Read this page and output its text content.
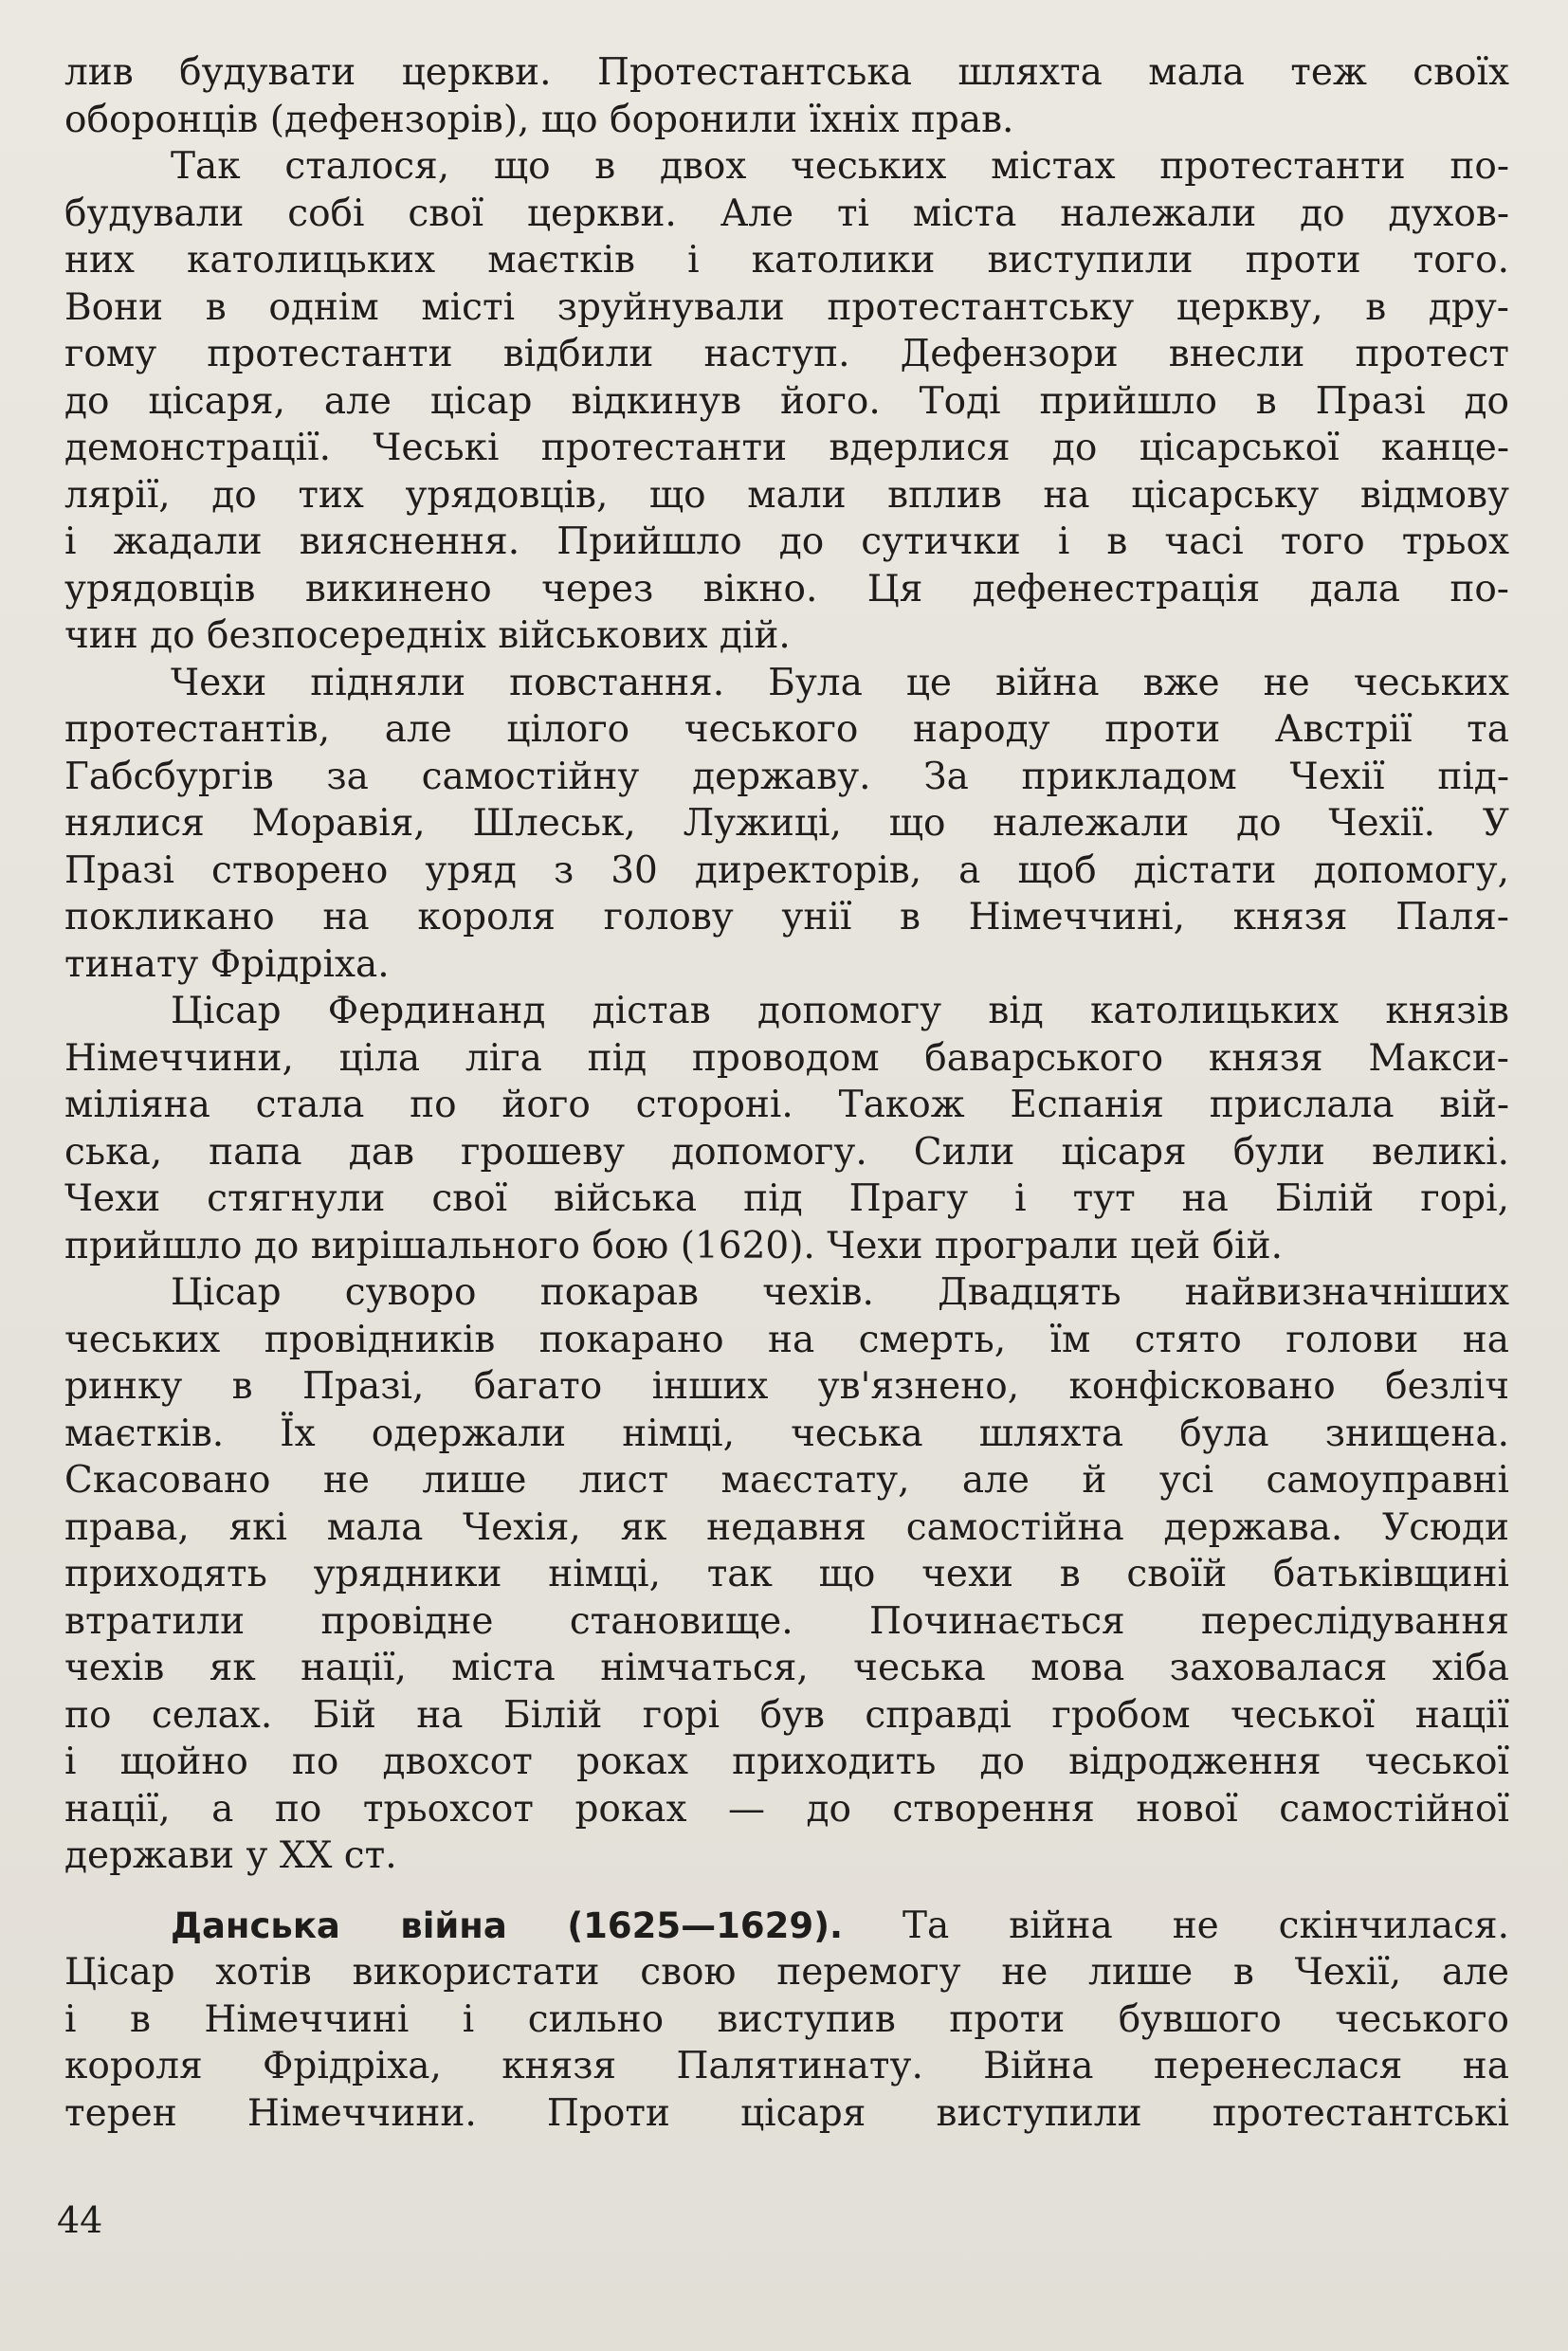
лив будувати церкви. Протестантська шляхта мала теж своїх
оборонців (дефензорів), що боронили їхніх прав.
Так сталося, що в двох чеських містах протестанти по-
будували собі свої церкви. Але ті міста належали до духов-
них католицьких маєтків і католики виступили проти того.
Вони в однім місті зруйнували протестантську церкву, в дру-
гому протестанти відбили наступ. Дефензори внесли протест
до цісаря, але цісар відкинув його. Тоді прийшло в Празі до
демонстрації. Чеські протестанти вдерлися до цісарської канце-
лярії, до тих урядовців, що мали вплив на цісарську відмову
і жадали вияснення. Прийшло до сутички і в часі того трьох
урядовців викинено через вікно. Ця дефенестрація дала по-
чин до безпосередніх військових дій.
Чехи підняли повстання. Була це війна вже не чеських
протестантів, але цілого чеського народу проти Австрії та
Габсбургів за самостійну державу. За прикладом Чехії під-
нялися Моравія, Шлеськ, Лужиці, що належали до Чехії. У
Празі створено уряд з 30 директорів, а щоб дістати допомогу,
покликано на короля голову унії в Німеччині, князя Паля-
тинату Фрідріха.
Цісар Фердинанд дістав допомогу від католицьких князів
Німеччини, ціла ліга під проводом баварського князя Макси-
міліяна стала по його стороні. Також Еспанія прислала вій-
ська, папа дав грошеву допомогу. Сили цісаря були великі.
Чехи стягнули свої війська під Прагу і тут на Білій горі,
прийшло до вирішального бою (1620). Чехи програли цей бій.
Цісар суворо покарав чехів. Двадцять найвизначніших
чеських провідників покарано на смерть, їм стято голови на
ринку в Празі, багато інших ув'язнено, конфісковано безліч
маєтків. Їх одержали німці, чеська шляхта була знищена.
Скасовано не лише лист маєстату, але й усі самоуправні
права, які мала Чехія, як недавня самостійна держава. Усюди
приходять урядники німці, так що чехи в своїй батьківщині
втратили провідне становище. Починається переслідування
чехів як нації, міста німчаться, чеська мова заховалася хіба
по селах. Бій на Білій горі був справді гробом чеської нації
і щойно по двохсот роках приходить до відродження чеської
нації, а по трьохсот роках — до створення нової самостійної
держави у XX ст.
Данська війна (1625—1629). Та війна не скінчилася.
Цісар хотів використати свою перемогу не лише в Чехії, але
і в Німеччині і сильно виступив проти бувшого чеського
короля Фрідріха, князя Палятинату. Війна перенеслася на
терен Німеччини. Проти цісаря виступили протестантські
44
